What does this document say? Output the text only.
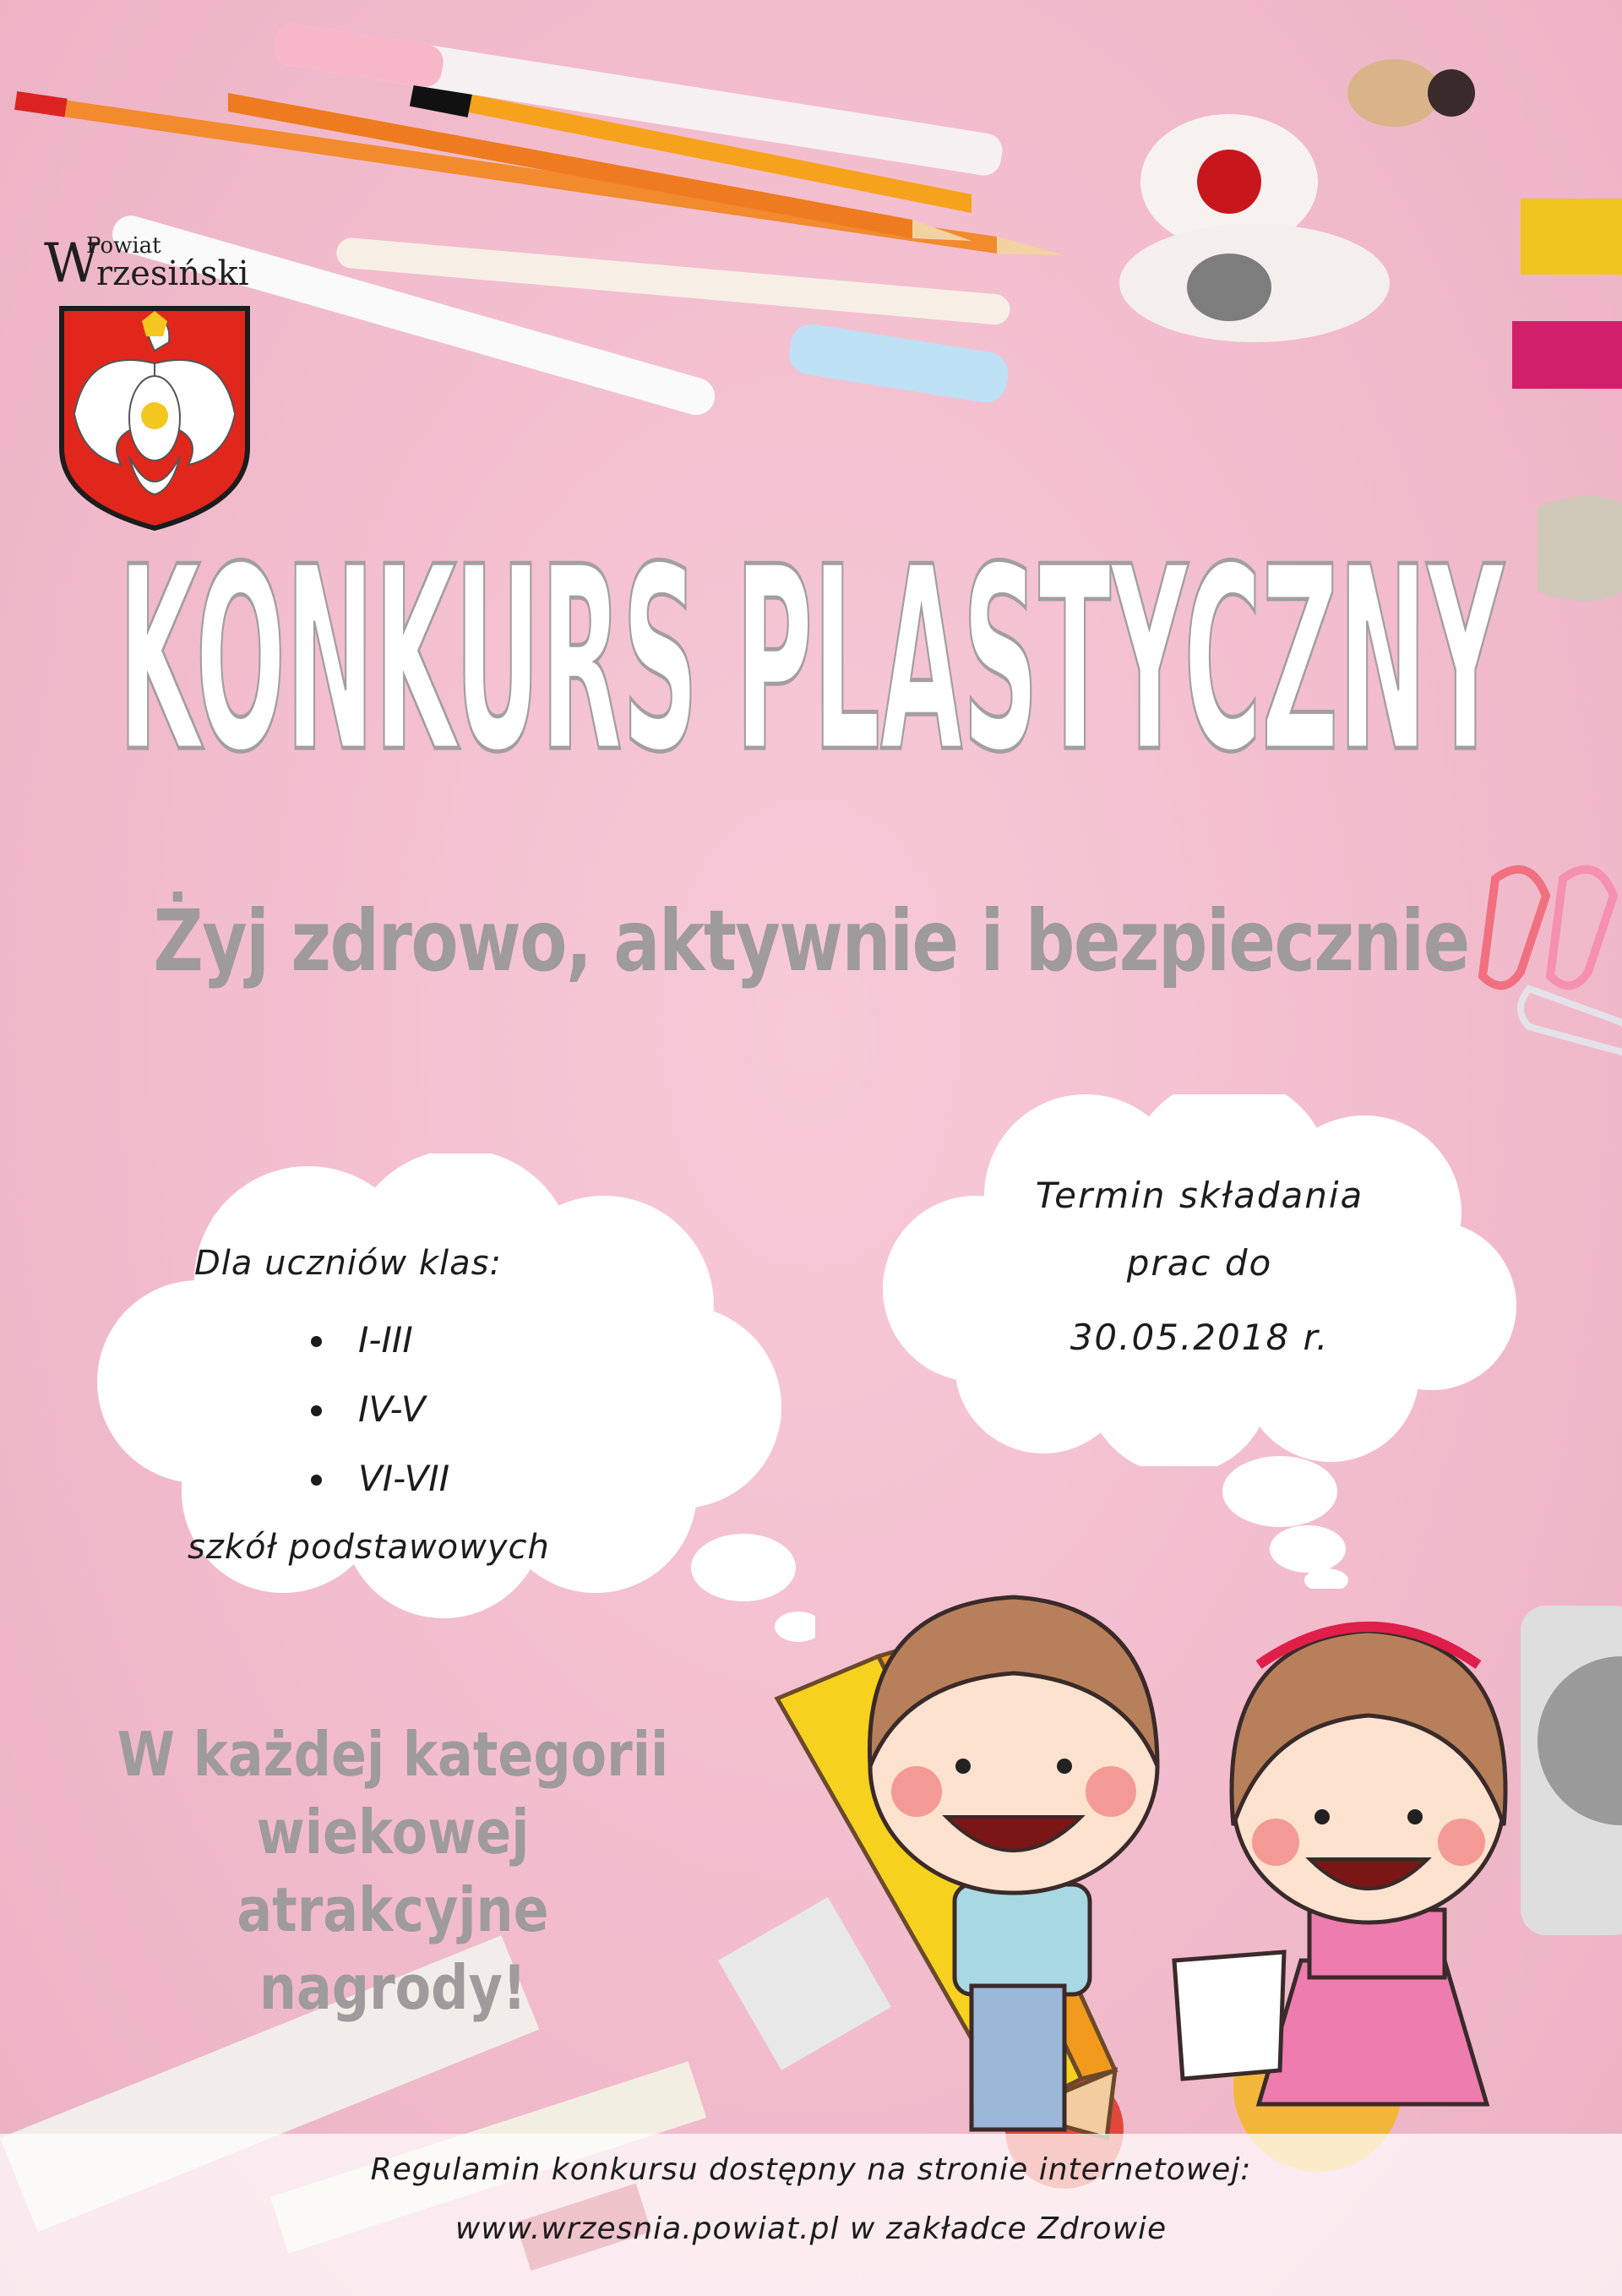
W
Powiat
rzesiński
KONKURS PLASTYCZNY
Żyj zdrowo, aktywnie i bezpiecznie
Dla uczniów klas:
I-III
IV-V
VI-VII
szkół podstawowych
Termin składania
prac do
30.05.2018 r.
W każdej kategorii
wiekowej atrakcyjne
nagrody!
Regulamin konkursu dostępny na stronie internetowej:
www.wrzesnia.powiat.pl w zakładce Zdrowie
